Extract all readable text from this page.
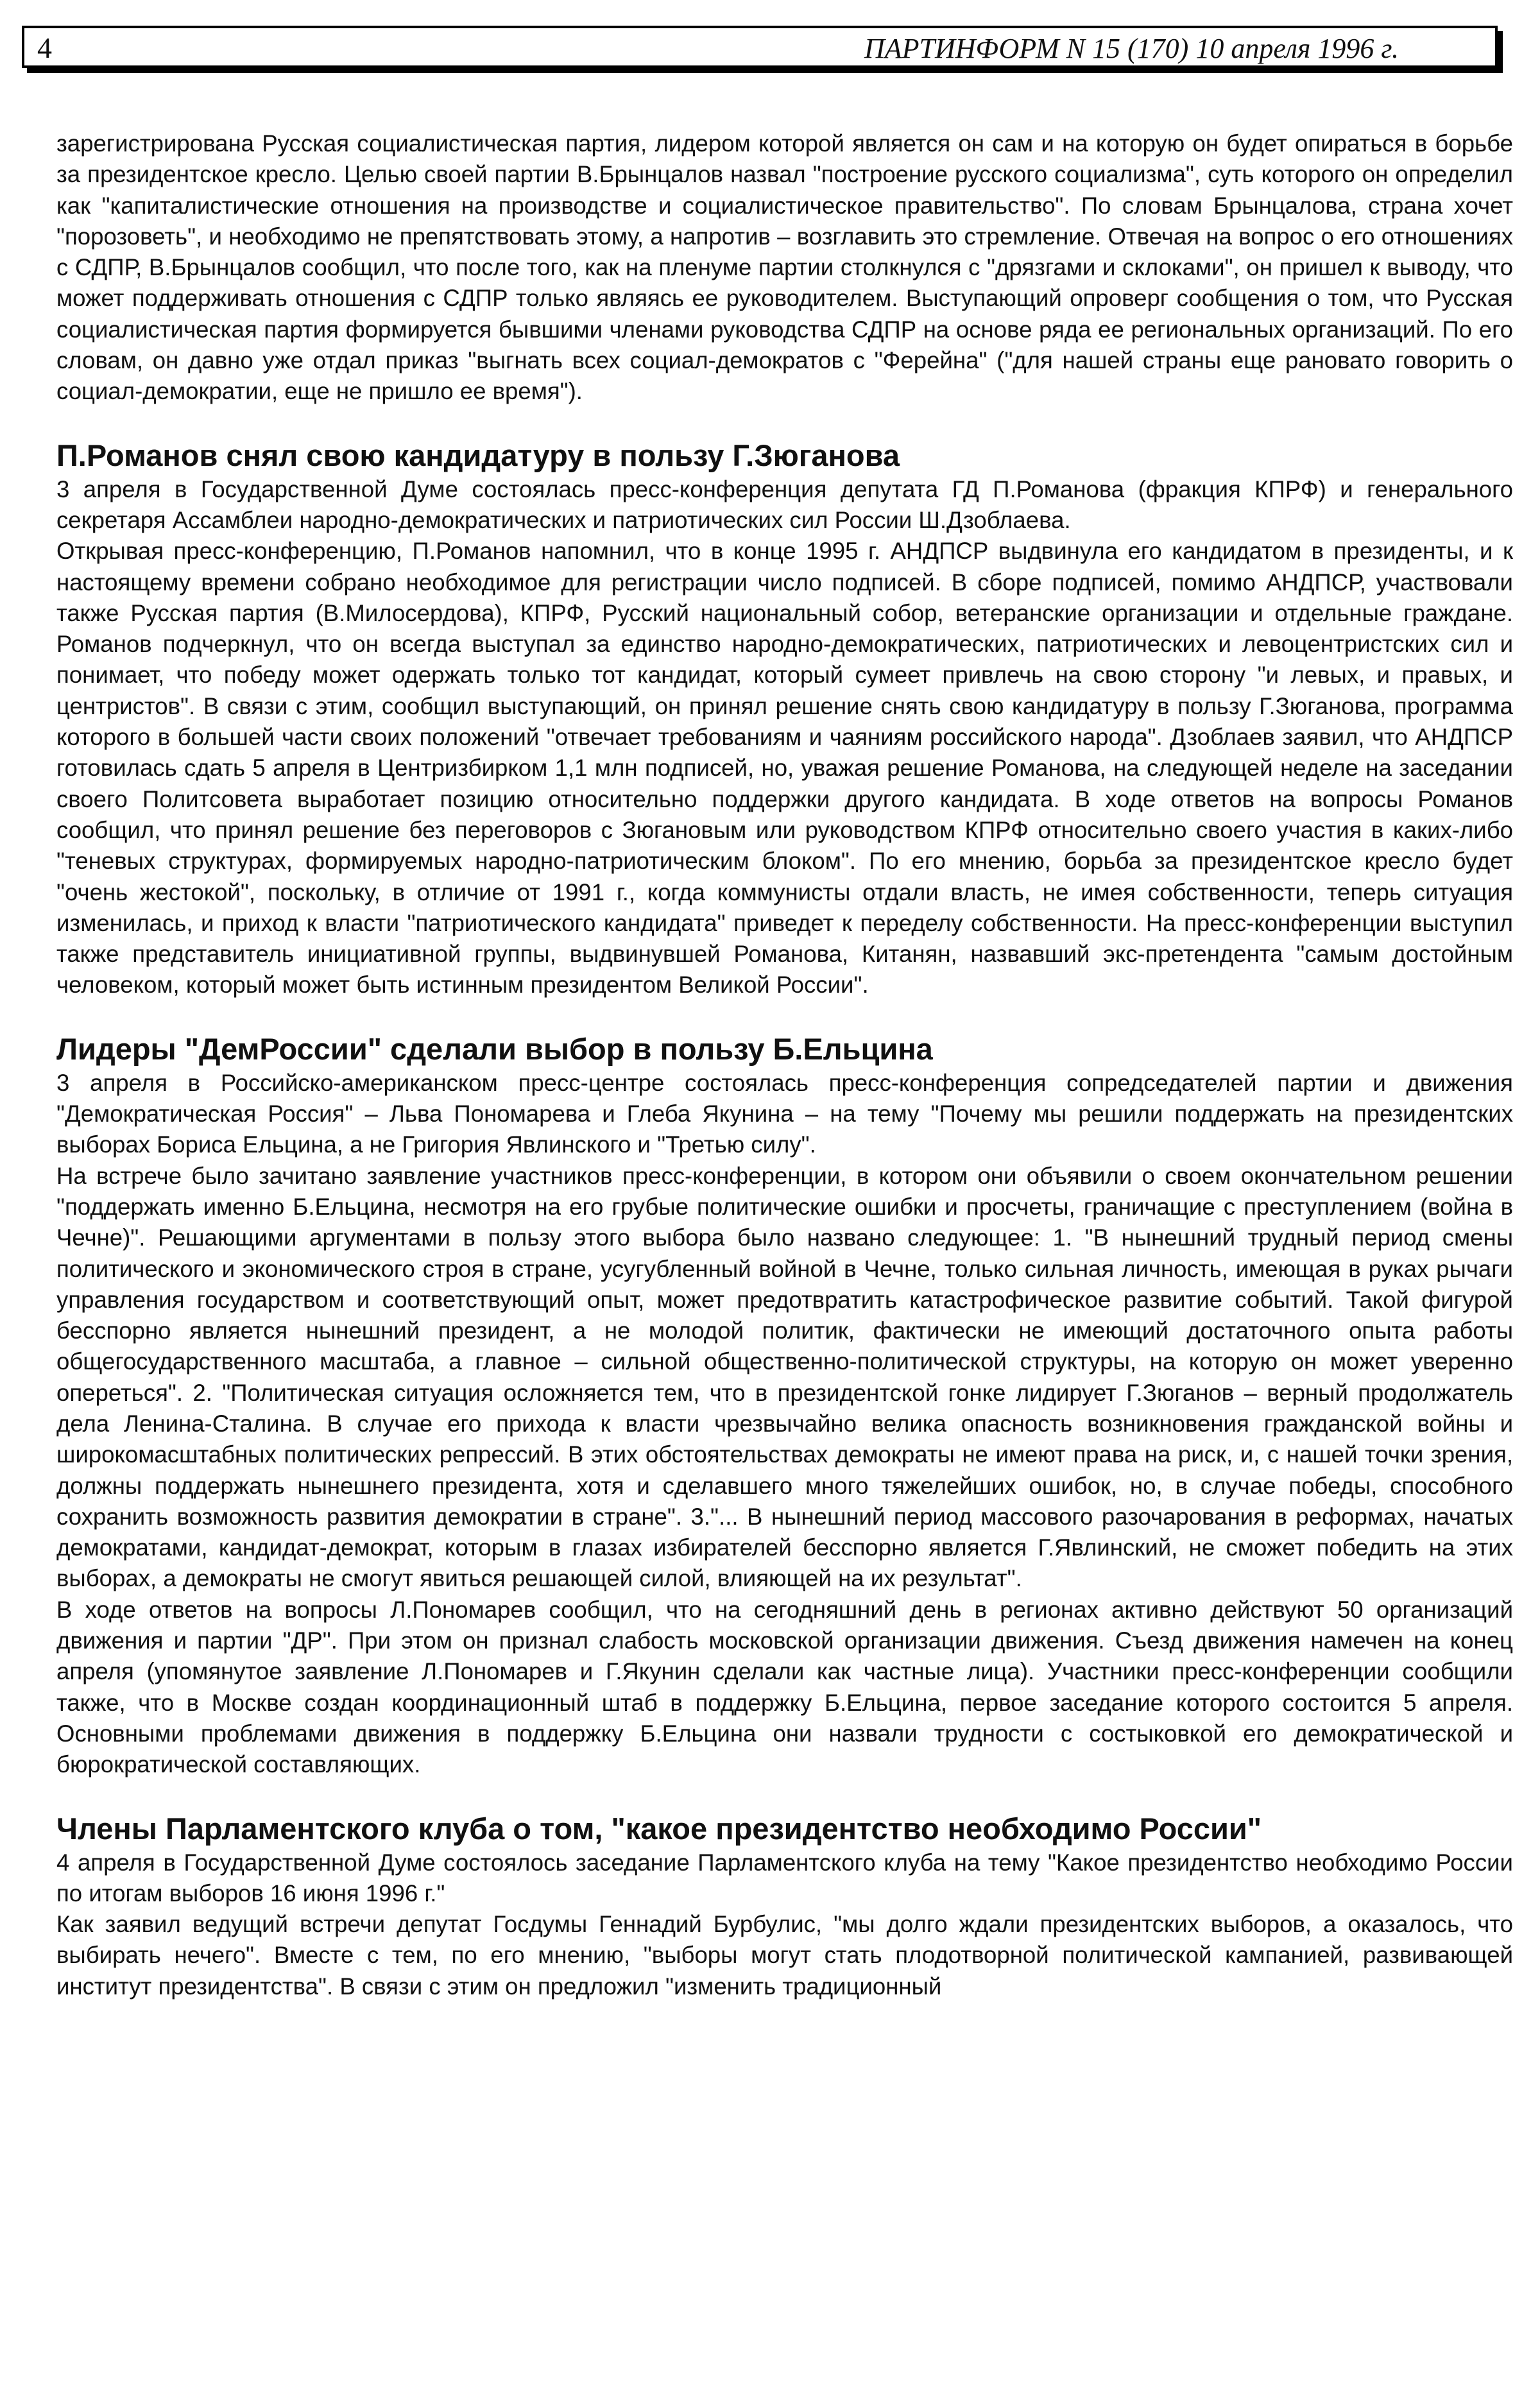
4	ПАРТИНФОРМ N 15 (170) 10 апреля 1996 г.

зарегистрирована Русская социалистическая партия, лидером которой является он сам и на которую он будет опираться в борьбе за президентское кресло. Целью своей партии В.Брынцалов назвал "построение русского социализма", суть которого он определил как "капиталистические отношения на производстве и социалистическое правительство". По словам Брынцалова, страна хочет "порозоветь", и необходимо не препятствовать этому, а напротив – возглавить это стремление. Отвечая на вопрос о его отношениях с СДПР, В.Брынцалов сообщил, что после того, как на пленуме партии столкнулся с "дрязгами и склоками", он пришел к выводу, что может поддерживать отношения с СДПР только являясь ее руководителем. Выступающий опроверг сообщения о том, что Русская социалистическая партия формируется бывшими членами руководства СДПР на основе ряда ее региональных организаций. По его словам, он давно уже отдал приказ "выгнать всех социал-демократов с "Ферейна" ("для нашей страны еще рановато говорить о социал-демократии, еще не пришло ее время").

П.Романов снял свою кандидатуру в пользу Г.Зюганова

3 апреля в Государственной Думе состоялась пресс-конференция депутата ГД П.Романова (фракция КПРФ) и генерального секретаря Ассамблеи народно-демократических и патриотических сил России Ш.Дзоблаева.

Открывая пресс-конференцию, П.Романов напомнил, что в конце 1995 г. АНДПСР выдвинула его кандидатом в президенты, и к настоящему времени собрано необходимое для регистрации число подписей. В сборе подписей, помимо АНДПСР, участвовали также Русская партия (В.Милосердова), КПРФ, Русский национальный собор, ветеранские организации и отдельные граждане. Романов подчеркнул, что он всегда выступал за единство народно-демократических, патриотических и левоцентристских сил и понимает, что победу может одержать только тот кандидат, который сумеет привлечь на свою сторону "и левых, и правых, и центристов". В связи с этим, сообщил выступающий, он принял решение снять свою кандидатуру в пользу Г.Зюганова, программа которого в большей части своих положений "отвечает требованиям и чаяниям российского народа". Дзоблаев заявил, что АНДПСР готовилась сдать 5 апреля в Центризбирком 1,1 млн подписей, но, уважая решение Романова, на следующей неделе на заседании своего Политсовета выработает позицию относительно поддержки другого кандидата. В ходе ответов на вопросы Романов сообщил, что принял решение без переговоров с Зюгановым или руководством КПРФ относительно своего участия в каких-либо "теневых структурах, формируемых народно-патриотическим блоком". По его мнению, борьба за президентское кресло будет "очень жестокой", поскольку, в отличие от 1991 г., когда коммунисты отдали власть, не имея собственности, теперь ситуация изменилась, и приход к власти "патриотического кандидата" приведет к переделу собственности. На пресс-конференции выступил также представитель инициативной группы, выдвинувшей Романова, Китанян, назвавший экс-претендента "самым достойным человеком, который может быть истинным президентом Великой России".

Лидеры "ДемРоссии" сделали выбор в пользу Б.Ельцина

3 апреля в Российско-американском пресс-центре состоялась пресс-конференция сопредседателей партии и движения "Демократическая Россия" – Льва Пономарева и Глеба Якунина – на тему "Почему мы решили поддержать на президентских выборах Бориса Ельцина, а не Григория Явлинского и "Третью силу".

На встрече было зачитано заявление участников пресс-конференции, в котором они объявили о своем окончательном решении "поддержать именно Б.Ельцина, несмотря на его грубые политические ошибки и просчеты, граничащие с преступлением (война в Чечне)". Решающими аргументами в пользу этого выбора было названо следующее: 1. "В нынешний трудный период смены политического и экономического строя в стране, усугубленный войной в Чечне, только сильная личность, имеющая в руках рычаги управления государством и соответствующий опыт, может предотвратить катастрофическое развитие событий. Такой фигурой бесспорно является нынешний президент, а не молодой политик, фактически не имеющий достаточного опыта работы общегосударственного масштаба, а главное – сильной общественно-политической структуры, на которую он может уверенно опереться". 2. "Политическая ситуация осложняется тем, что в президентской гонке лидирует Г.Зюганов – верный продолжатель дела Ленина-Сталина. В случае его прихода к власти чрезвычайно велика опасность возникновения гражданской войны и широкомасштабных политических репрессий. В этих обстоятельствах демократы не имеют права на риск, и, с нашей точки зрения, должны поддержать нынешнего президента, хотя и сделавшего много тяжелейших ошибок, но, в случае победы, способного сохранить возможность развития демократии в стране". 3."... В нынешний период массового разочарования в реформах, начатых демократами, кандидат-демократ, которым в глазах избирателей бесспорно является Г.Явлинский, не сможет победить на этих выборах, а демократы не смогут явиться решающей силой, влияющей на их результат".

В ходе ответов на вопросы Л.Пономарев сообщил, что на сегодняшний день в регионах активно действуют 50 организаций движения и партии "ДР". При этом он признал слабость московской организации движения. Съезд движения намечен на конец апреля (упомянутое заявление Л.Пономарев и Г.Якунин сделали как частные лица). Участники пресс-конференции сообщили также, что в Москве создан координационный штаб в поддержку Б.Ельцина, первое заседание которого состоится 5 апреля. Основными проблемами движения в поддержку Б.Ельцина они назвали трудности с состыковкой его демократической и бюрократической составляющих.

Члены Парламентского клуба о том, "какое президентство необходимо России"

4 апреля в Государственной Думе состоялось заседание Парламентского клуба на тему "Какое президентство необходимо России по итогам выборов 16 июня 1996 г."

Как заявил ведущий встречи депутат Госдумы Геннадий Бурбулис, "мы долго ждали президентских выборов, а оказалось, что выбирать нечего". Вместе с тем, по его мнению, "выборы могут стать плодотворной политической кампанией, развивающей институт президентства". В связи с этим он предложил "изменить традиционный
